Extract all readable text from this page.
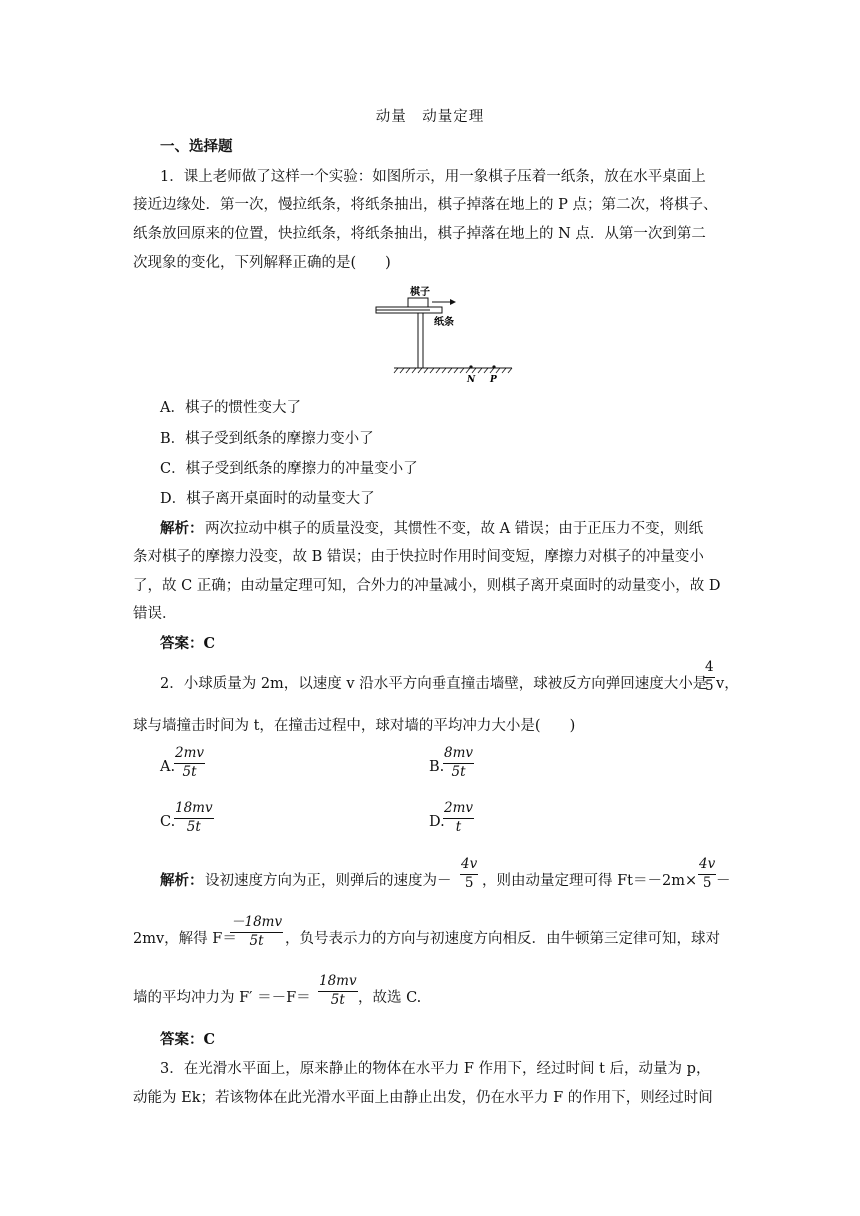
动量　动量定理
一、选择题
1．课上老师做了这样一个实验：如图所示，用一象棋子压着一纸条，放在水平桌面上
接近边缘处．第一次，慢拉纸条，将纸条抽出，棋子掉落在地上的 P 点；第二次，将棋子、
纸条放回原来的位置，快拉纸条，将纸条抽出，棋子掉落在地上的 N 点．从第一次到第二
次现象的变化，下列解释正确的是(　　)
棋子
纸条
N P
A．棋子的惯性变大了
B．棋子受到纸条的摩擦力变小了
C．棋子受到纸条的摩擦力的冲量变小了
D．棋子离开桌面时的动量变大了
解析： 两次拉动中棋子的质量没变，其惯性不变，故 A 错误；由于正压力不变，则纸
条对棋子的摩擦力没变，故 B 错误；由于快拉时作用时间变短，摩擦力对棋子的冲量变小
了，故 C 正确；由动量定理可知，合外力的冲量减小，则棋子离开桌面时的动量变小，故 D
错误．
答案：C
2．小球质量为 2m，以速度 v 沿水平方向垂直撞击墙壁，球被反方向弹回速度大小是
4
5 v，
球与墙撞击时间为 t，在撞击过程中，球对墙的平均冲力大小是(　　)
A.
2mv
5t	B.
8mv
5t
C.
18mv
5t	D.
2mv
t
解析： 设初速度方向为正，则弹后的速度为－
4v
5 ，则由动量定理可得 Ft＝－2m×
4v
5 －
2mv，解得 F＝
－18mv
5t ，负号表示力的方向与初速度方向相反．由牛顿第三定律可知，球对
墙的平均冲力为 F′ ＝－F＝
18mv
5t ，故选 C.
答案：C
3．在光滑水平面上，原来静止的物体在水平力 F 作用下，经过时间 t 后，动量为 p，
动能为 Ek；若该物体在此光滑水平面上由静止出发，仍在水平力 F 的作用下，则经过时间
